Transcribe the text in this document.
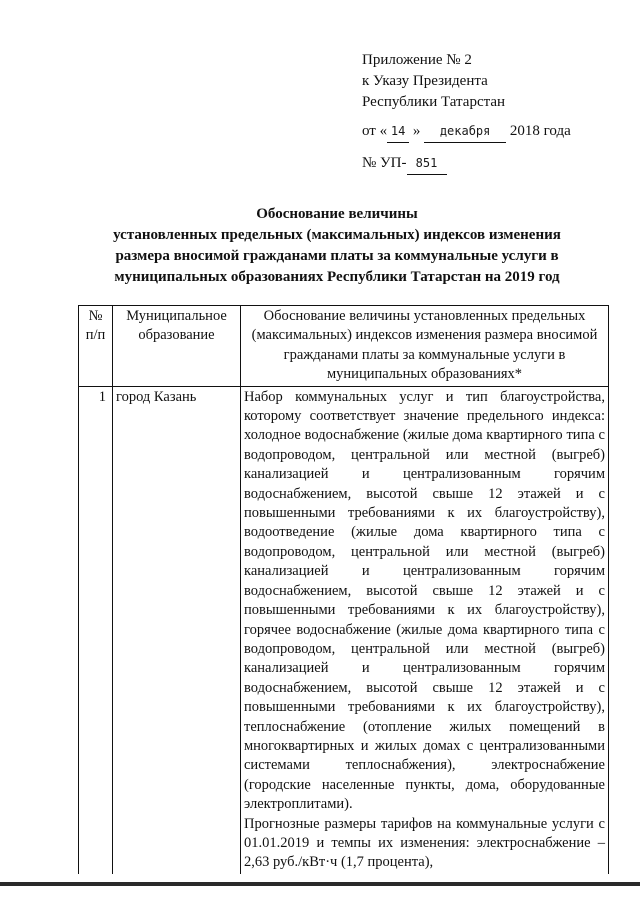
Приложение № 2
к Указу Президента
Республики Татарстан
от « 14 » декабря 2018 года
№ УП- 851
Обоснование величины
установленных предельных (максимальных) индексов изменения
размера вносимой гражданами платы за коммунальные услуги в
муниципальных образованиях Республики Татарстан на 2019 год
№ п/п	Муниципальное образование	Обоснование величины установленных предельных (максимальных) индексов изменения размера вносимой гражданами платы за коммунальные услуги в муниципальных образованиях*
1	город Казань	Набор коммунальных услуг и тип благоустройства, которому соответствует значение предельного индекса: холодное водоснабжение (жилые дома квартирного типа с водопроводом, центральной или местной (выгреб) канализацией и централизованным горячим водоснабжением, высотой свыше 12 этажей и с повышенными требованиями к их благоустройству), водоотведение (жилые дома квартирного типа с водопроводом, центральной или местной (выгреб) канализацией и централизованным горячим водоснабжением, высотой свыше 12 этажей и с повышенными требованиями к их благоустройству), горячее водоснабжение (жилые дома квартирного типа с водопроводом, центральной или местной (выгреб) канализацией и централизованным горячим водоснабжением, высотой свыше 12 этажей и с повышенными требованиями к их благоустройству), теплоснабжение (отопление жилых помещений в многоквартирных и жилых домах с централизованными системами теплоснабжения), электроснабжение (городские населенные пункты, дома, оборудованные электроплитами).

Прогнозные размеры тарифов на коммунальные услуги с 01.01.2019 и темпы их изменения: электроснабжение – 2,63 руб./кВт·ч (1,7 процента),
